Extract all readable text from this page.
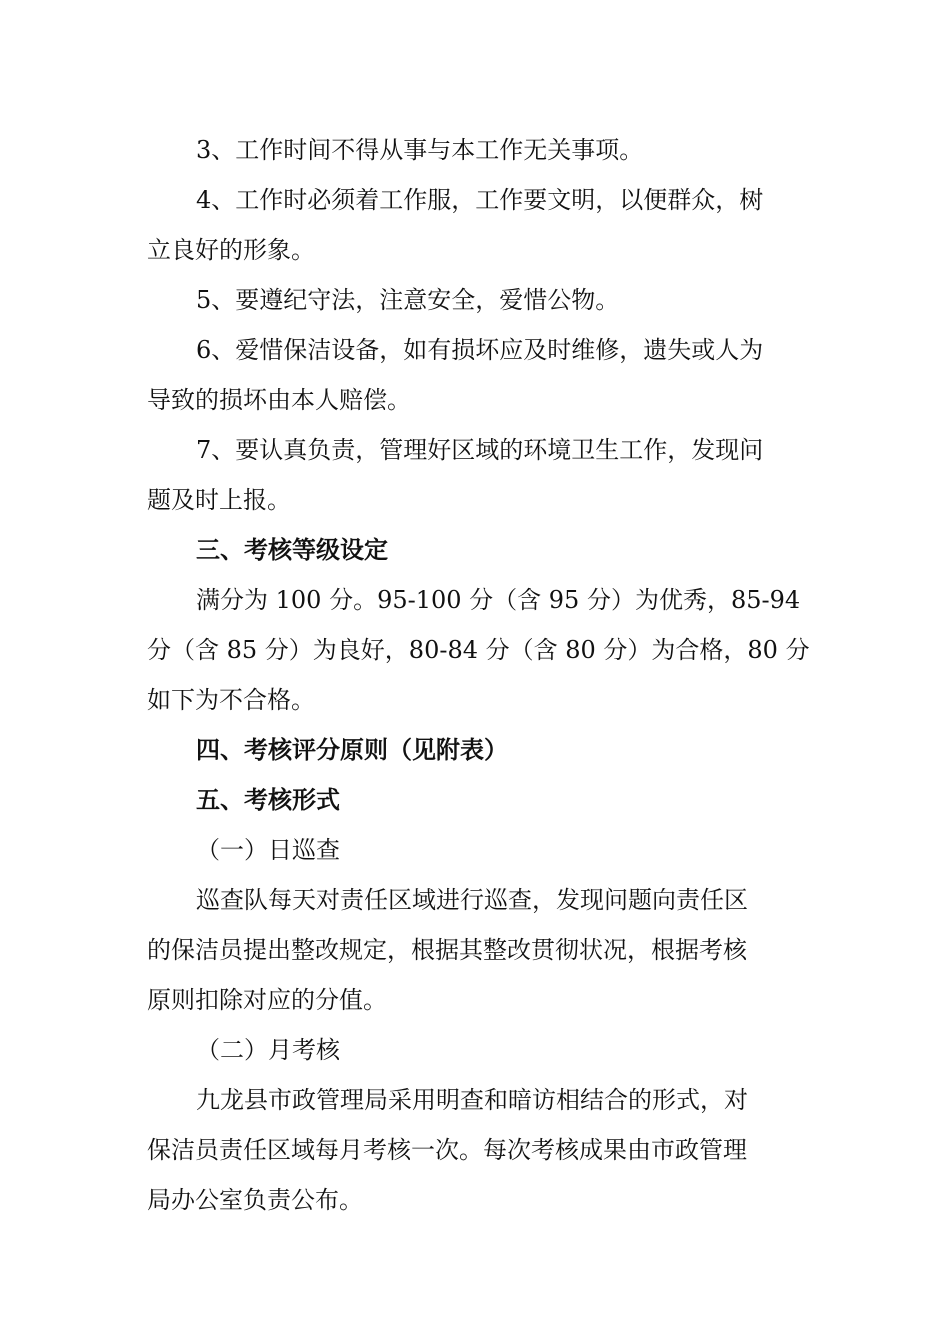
3、工作时间不得从事与本工作无关事项。
4、工作时必须着工作服，工作要文明，以便群众，树
立良好的形象。
5、要遵纪守法，注意安全，爱惜公物。
6、爱惜保洁设备，如有损坏应及时维修，遗失或人为
导致的损坏由本人赔偿。
7、要认真负责，管理好区域的环境卫生工作，发现问
题及时上报。
三、考核等级设定
满分为 100 分。95-100 分（含 95 分）为优秀，85-94
分（含 85 分）为良好，80-84 分（含 80 分）为合格，80 分
如下为不合格。
四、考核评分原则（见附表）
五、考核形式
（一）日巡查
巡查队每天对责任区域进行巡查，发现问题向责任区
的保洁员提出整改规定，根据其整改贯彻状况，根据考核
原则扣除对应的分值。
（二）月考核
九龙县市政管理局采用明查和暗访相结合的形式，对
保洁员责任区域每月考核一次。每次考核成果由市政管理
局办公室负责公布。
